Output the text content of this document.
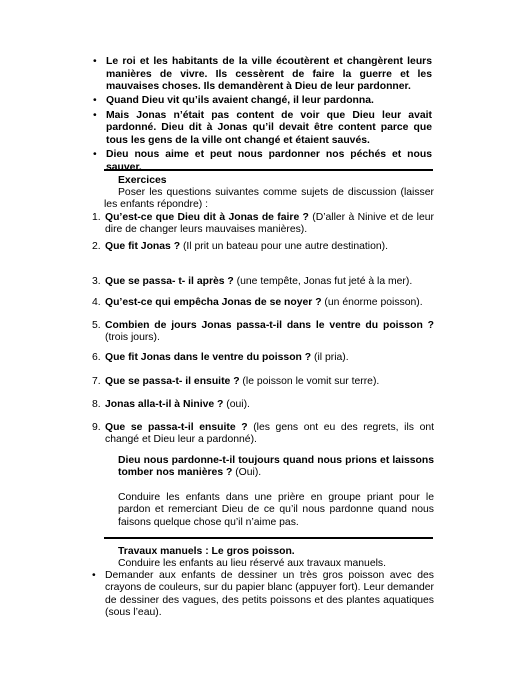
• Le roi et les habitants de la ville écoutèrent et changèrent leurs manières de vivre. Ils cessèrent de faire la guerre et les mauvaises choses. Ils demandèrent à Dieu de leur pardonner.
• Quand Dieu vit qu’ils avaient changé, il leur pardonna.
• Mais Jonas n’était pas content de voir que Dieu leur avait pardonné. Dieu dit à Jonas qu’il devait être content parce que tous les gens de la ville ont changé et étaient sauvés.
• Dieu nous aime et peut nous pardonner nos péchés et nous sauver.
Exercices
Poser les questions suivantes comme sujets de discussion (laisser les enfants répondre) :
1. Qu’est-ce que Dieu dit à Jonas de faire ? (D’aller à Ninive et de leur dire de changer leurs mauvaises manières).
2. Que fit Jonas ? (Il prit un bateau pour une autre destination).
3. Que se passa- t- il après ? (une tempête, Jonas fut jeté à la mer).
4. Qu’est-ce qui empêcha Jonas de se noyer ? (un énorme poisson).
5. Combien de jours Jonas passa-t-il dans le ventre du poisson ? (trois jours).
6. Que fit Jonas dans le ventre du poisson ? (il pria).
7. Que se passa-t- il ensuite ? (le poisson le vomit sur terre).
8. Jonas alla-t-il à Ninive ? (oui).
9. Que se passa-t-il ensuite ? (les gens ont eu des regrets, ils ont changé et Dieu leur a pardonné).
Dieu nous pardonne-t-il toujours quand nous prions et laissons tomber nos manières ? (Oui).
Conduire les enfants dans une prière en groupe priant pour le pardon et remerciant Dieu de ce qu’il nous pardonne quand nous faisons quelque chose qu’il n’aime pas.
Travaux manuels : Le gros poisson.
Conduire les enfants au lieu réservé aux travaux manuels.
• Demander aux enfants de dessiner un très gros poisson avec des crayons de couleurs, sur du papier blanc (appuyer fort). Leur demander de dessiner des vagues, des petits poissons et des plantes aquatiques (sous l’eau).
